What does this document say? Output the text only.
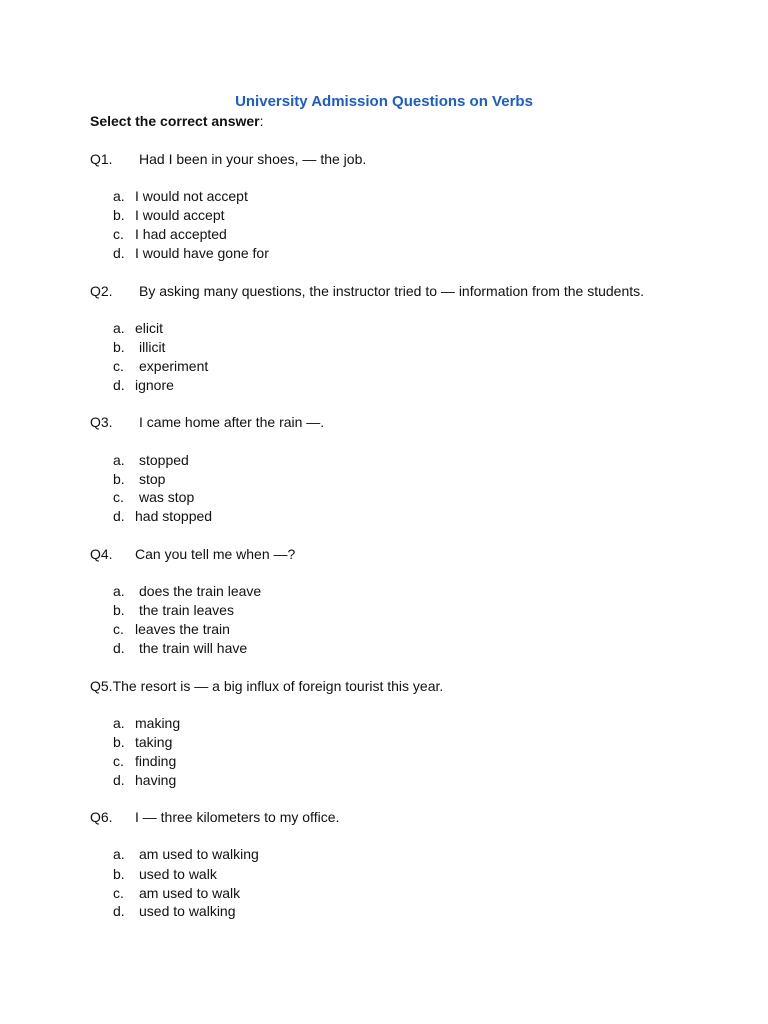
University Admission Questions on Verbs
Select the correct answer:
Q1. Had I been in your shoes, — the job.
a. I would not accept
b. I would accept
c. I had accepted
d. I would have gone for
Q2. By asking many questions, the instructor tried to — information from the students.
a. elicit
b.	illicit
c.	experiment
d. ignore
Q3. I came home after the rain —.
a.	stopped
b.	stop
c.	was stop
d. had stopped
Q4. Can you tell me when —?
a.	does the train leave
b.	the train leaves
c. leaves the train
d.	the train will have
Q5.The resort is — a big influx of foreign tourist this year.
a. making
b. taking
c. finding
d. having
Q6. I — three kilometers to my office.
a.	am used to walking
b.	used to walk
c.	am used to walk
d.	used to walking
